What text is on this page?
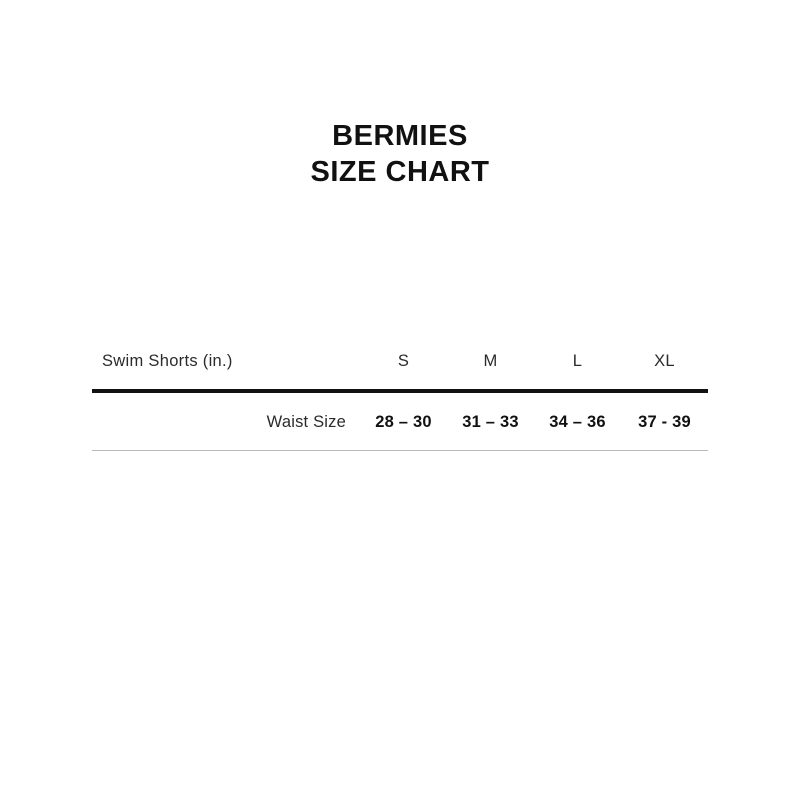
BERMIES
SIZE CHART
Swim Shorts (in.)	S	M	L	XL
Waist Size	28 – 30	31 – 33	34 – 36	37 - 39
